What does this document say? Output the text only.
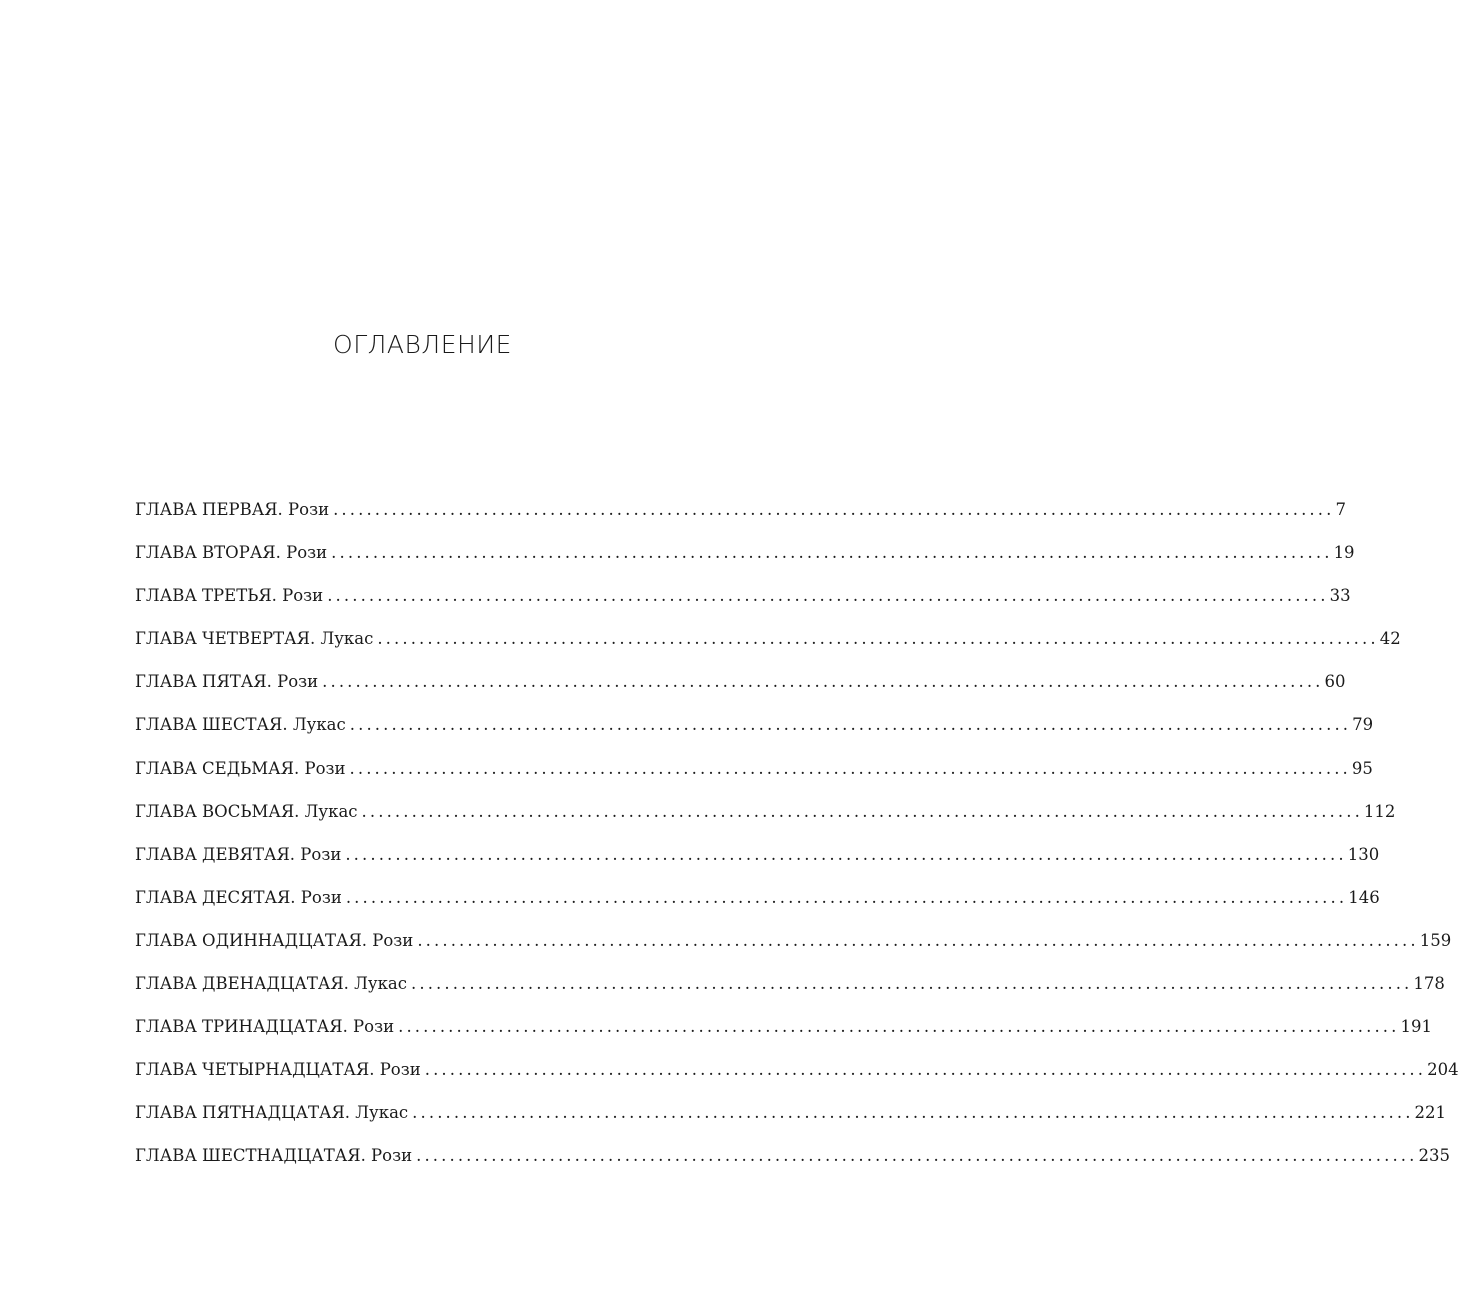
ОГЛАВЛЕНИЕ
ГЛАВА ПЕРВАЯ. Рози ........................................................................................................................ 7
ГЛАВА ВТОРАЯ. Рози ........................................................................................................................ 19
ГЛАВА ТРЕТЬЯ. Рози ........................................................................................................................ 33
ГЛАВА ЧЕТВЕРТАЯ. Лукас ........................................................................................................................ 42
ГЛАВА ПЯТАЯ. Рози ........................................................................................................................ 60
ГЛАВА ШЕСТАЯ. Лукас ........................................................................................................................ 79
ГЛАВА СЕДЬМАЯ. Рози ........................................................................................................................ 95
ГЛАВА ВОСЬМАЯ. Лукас ........................................................................................................................ 112
ГЛАВА ДЕВЯТАЯ. Рози ........................................................................................................................ 130
ГЛАВА ДЕСЯТАЯ. Рози ........................................................................................................................ 146
ГЛАВА ОДИННАДЦАТАЯ. Рози ........................................................................................................................ 159
ГЛАВА ДВЕНАДЦАТАЯ. Лукас ........................................................................................................................ 178
ГЛАВА ТРИНАДЦАТАЯ. Рози ........................................................................................................................ 191
ГЛАВА ЧЕТЫРНАДЦАТАЯ. Рози ........................................................................................................................ 204
ГЛАВА ПЯТНАДЦАТАЯ. Лукас ........................................................................................................................ 221
ГЛАВА ШЕСТНАДЦАТАЯ. Рози ........................................................................................................................ 235
